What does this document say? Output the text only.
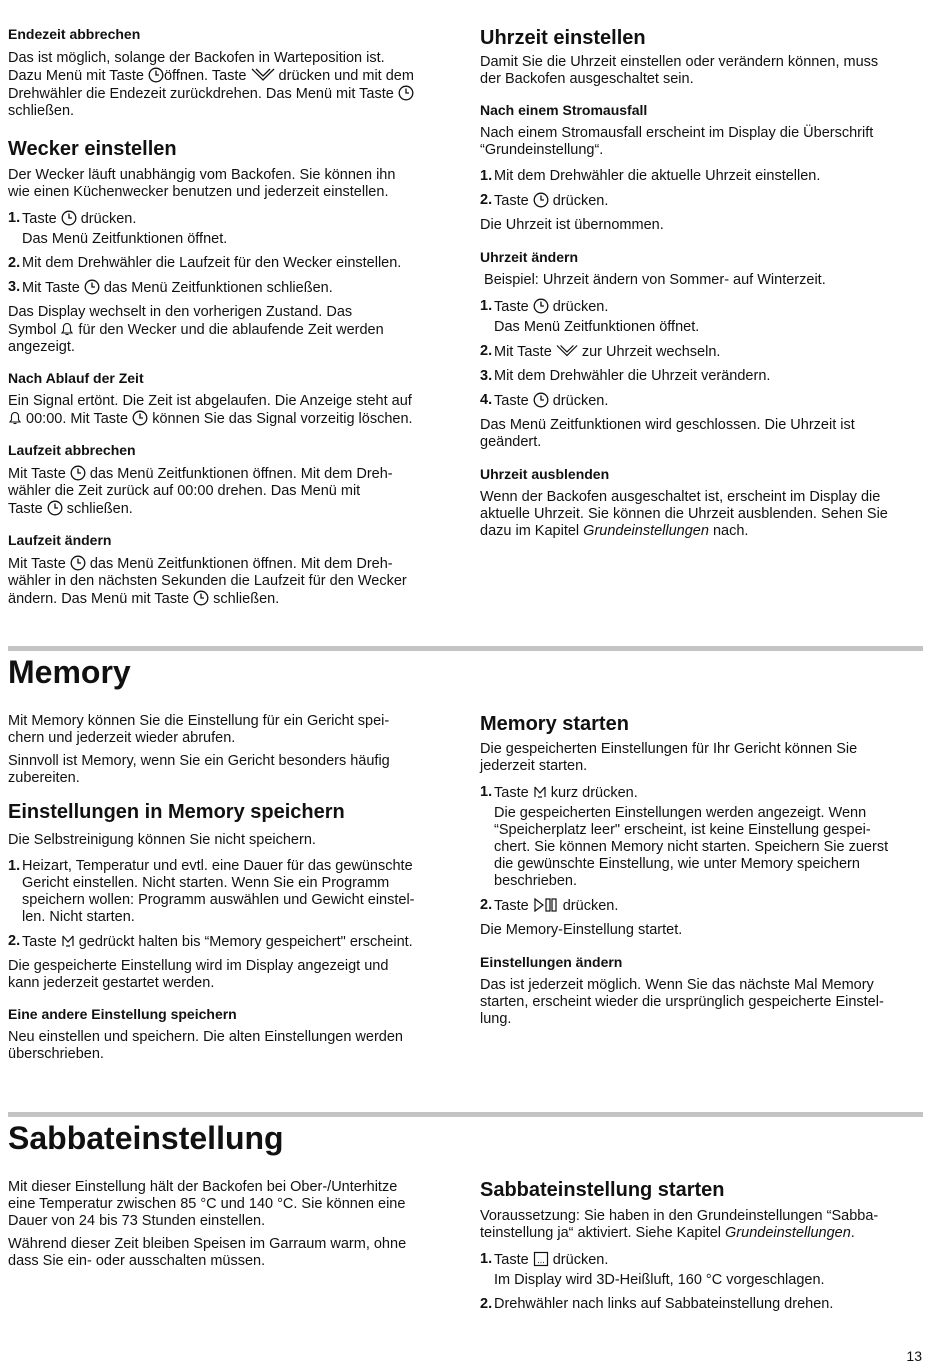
Endezeit abbrechen

Das ist möglich, solange der Backofen in Warteposition ist.

Dazu Menü mit Taste öffnen. Taste drücken und mit dem

Drehwähler die Endezeit zurückdrehen. Das Menü mit Taste

schließen.

Wecker einstellen

Der Wecker läuft unabhängig vom Backofen. Sie können ihn

wie einen Küchenwecker benutzen und jederzeit einstellen.

1. Taste drücken.

Das Menü Zeitfunktionen öffnet.

2. Mit dem Drehwähler die Laufzeit für den Wecker einstellen.
3. Mit Taste das Menü Zeitfunktionen schließen.

Das Display wechselt in den vorherigen Zustand. Das

Symbol für den Wecker und die ablaufende Zeit werden

angezeigt.

Nach Ablauf der Zeit

Ein Signal ertönt. Die Zeit ist abgelaufen. Die Anzeige steht auf

00:00. Mit Taste können Sie das Signal vorzeitig löschen.

Laufzeit abbrechen

Mit Taste das Menü Zeitfunktionen öffnen. Mit dem Dreh-

wähler die Zeit zurück auf 00:00 drehen. Das Menü mit

Taste schließen.

Laufzeit ändern

Mit Taste das Menü Zeitfunktionen öffnen. Mit dem Dreh-

wähler in den nächsten Sekunden die Laufzeit für den Wecker

ändern. Das Menü mit Taste schließen.

Uhrzeit einstellen

Damit Sie die Uhrzeit einstellen oder verändern können, muss

der Backofen ausgeschaltet sein.

Nach einem Stromausfall

Nach einem Stromausfall erscheint im Display die Überschrift

“Grundeinstellung“.

1. Mit dem Drehwähler die aktuelle Uhrzeit einstellen.
2. Taste drücken.

Die Uhrzeit ist übernommen.

Uhrzeit ändern

Beispiel: Uhrzeit ändern von Sommer- auf Winterzeit.

1. Taste drücken.

Das Menü Zeitfunktionen öffnet.

2. Mit Taste zur Uhrzeit wechseln.
3. Mit dem Drehwähler die Uhrzeit verändern.
4. Taste drücken.

Das Menü Zeitfunktionen wird geschlossen. Die Uhrzeit ist

geändert.

Uhrzeit ausblenden

Wenn der Backofen ausgeschaltet ist, erscheint im Display die

aktuelle Uhrzeit. Sie können die Uhrzeit ausblenden. Sehen Sie

dazu im Kapitel Grundeinstellungen nach.

Memory

Mit Memory können Sie die Einstellung für ein Gericht spei-

chern und jederzeit wieder abrufen.

Sinnvoll ist Memory, wenn Sie ein Gericht besonders häufig

zubereiten.

Einstellungen in Memory speichern

Die Selbstreinigung können Sie nicht speichern.

1. Heizart, Temperatur und evtl. eine Dauer für das gewünschte
Gericht einstellen. Nicht starten. Wenn Sie ein Programm
speichern wollen: Programm auswählen und Gewicht einstel-
len. Nicht starten.
2. Taste gedrückt halten bis “Memory gespeichert" erscheint.

Die gespeicherte Einstellung wird im Display angezeigt und

kann jederzeit gestartet werden.

Eine andere Einstellung speichern

Neu einstellen und speichern. Die alten Einstellungen werden

überschrieben.

Memory starten

Die gespeicherten Einstellungen für Ihr Gericht können Sie

jederzeit starten.

1. Taste kurz drücken.
Die gespeicherten Einstellungen werden angezeigt. Wenn
“Speicherplatz leer" erscheint, ist keine Einstellung gespei-
chert. Sie können Memory nicht starten. Speichern Sie zuerst
die gewünschte Einstellung, wie unter Memory speichern
beschrieben.
2. Taste drücken.

Die Memory-Einstellung startet.

Einstellungen ändern

Das ist jederzeit möglich. Wenn Sie das nächste Mal Memory

starten, erscheint wieder die ursprünglich gespeicherte Einstel-

lung.

Sabbateinstellung

Mit dieser Einstellung hält der Backofen bei Ober-/Unterhitze

eine Temperatur zwischen 85 °C und 140 °C. Sie können eine

Dauer von 24 bis 73 Stunden einstellen.

Während dieser Zeit bleiben Speisen im Garraum warm, ohne

dass Sie ein- oder ausschalten müssen.

Sabbateinstellung starten

Voraussetzung: Sie haben in den Grundeinstellungen “Sabba-

teinstellung ja“ aktiviert. Siehe Kapitel Grundeinstellungen.

1. Taste drücken.

Im Display wird 3D-Heißluft, 160 °C vorgeschlagen.

2. Drehwähler nach links auf Sabbateinstellung drehen.
13
